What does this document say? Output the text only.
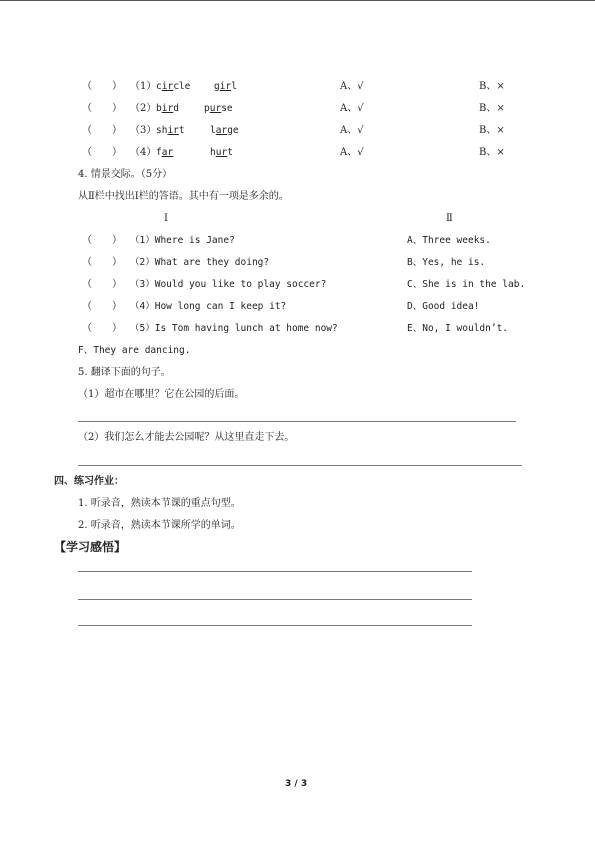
（　　） （1） circle girl	A、√	B、×
（　　） （2） bird	purse	A、√	B、×
（　　） （3） shirt	large	A、√	B、×
（　　） （4） far	hurt	A、√	B、×
4. 情景交际。（5分）
从Ⅱ栏中找出Ⅰ栏的答语。其中有一项是多余的。
Ⅰ	Ⅱ
（　　） （1）Where is Jane?	A、Three weeks.
（　　） （2）What are they doing?	B、Yes, he is.
（　　） （3）Would you like to play soccer?	C、She is in the lab.
（　　） （4）How long can I keep it?	D、Good idea!
（　　） （5）Is Tom having lunch at home now?	E、No, I wouldn’t.
F、They are dancing.
5. 翻译下面的句子。
（1）超市在哪里？它在公园的后面。
（2）我们怎么才能去公园呢？从这里直走下去。
四、练习作业：
1. 听录音，熟读本节课的重点句型。
2. 听录音，熟读本节课所学的单词。
【学习感悟】
3 / 3
